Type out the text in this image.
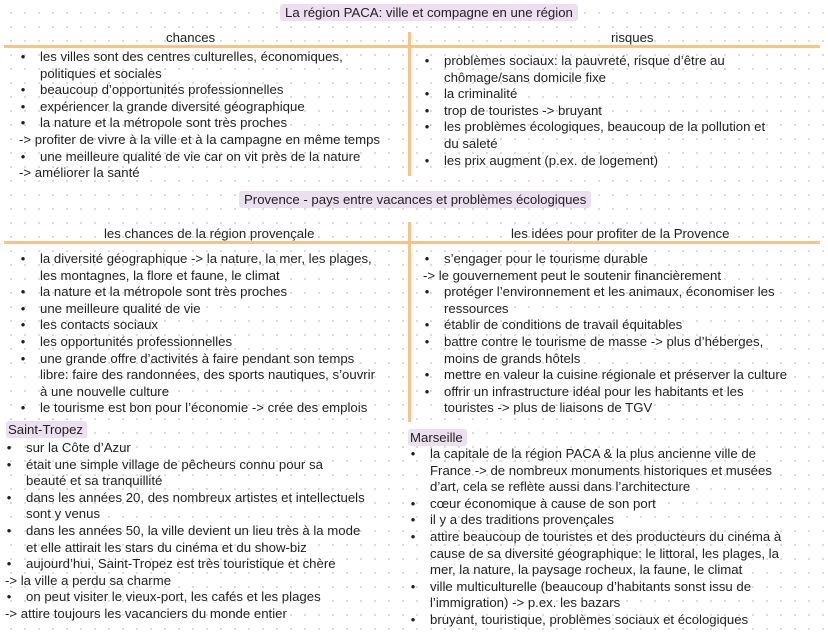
La région PACA: ville et compagne en une région
chances	risques
• les villes sont des centres culturelles, économiques,
politiques et sociales
• beaucoup d’opportunités professionnelles
• expériencer la grande diversité géographique
• la nature et la métropole sont très proches
-> profiter de vivre à la ville et à la campagne en même temps
• une meilleure qualité de vie car on vit près de la nature
-> améliorer la santé
• problèmes sociaux: la pauvreté, risque d’être au
chômage/sans domicile fixe
• la criminalité
• trop de touristes -> bruyant
• les problèmes écologiques, beaucoup de la pollution et
du saleté
• les prix augment (p.ex. de logement)
Provence - pays entre vacances et problèmes écologiques
les chances de la région provençale	les idées pour profiter de la Provence
• la diversité géographique -> la nature, la mer, les plages,
les montagnes, la flore et faune, le climat
• la nature et la métropole sont très proches
• une meilleure qualité de vie
• les contacts sociaux
• les opportunités professionnelles
• une grande offre d’activités à faire pendant son temps
libre: faire des randonnées, des sports nautiques, s’ouvrir
à une nouvelle culture
• le tourisme est bon pour l’économie -> crée des emplois
• s’engager pour le tourisme durable
-> le gouvernement peut le soutenir financièrement
• protéger l’environnement et les animaux, économiser les
ressources
• établir de conditions de travail équitables
• battre contre le tourisme de masse -> plus d’héberges,
moins de grands hôtels
• mettre en valeur la cuisine régionale et préserver la culture
• offrir un infrastructure idéal pour les habitants et les
touristes -> plus de liaisons de TGV
Saint-Tropez
• sur la Côte d’Azur
• était une simple village de pêcheurs connu pour sa
beauté et sa tranquillité
• dans les années 20, des nombreux artistes et intellectuels
sont y venus
• dans les années 50, la ville devient un lieu très à la mode
et elle attirait les stars du cinéma et du show-biz
• aujourd’hui, Saint-Tropez est très touristique et chère
-> la ville a perdu sa charme
• on peut visiter le vieux-port, les cafés et les plages
-> attire toujours les vacanciers du monde entier
Marseille
• la capitale de la région PACA & la plus ancienne ville de
France -> de nombreux monuments historiques et musées
d’art, cela se reflète aussi dans l’architecture
• cœur économique à cause de son port
• il y a des traditions provençales
• attire beaucoup de touristes et des producteurs du cinéma à
cause de sa diversité géographique: le littoral, les plages, la
mer, la nature, la paysage rocheux, la faune, le climat
• ville multiculturelle (beaucoup d’habitants sonst issu de
l’immigration) -> p.ex. les bazars
• bruyant, touristique, problèmes sociaux et écologiques
